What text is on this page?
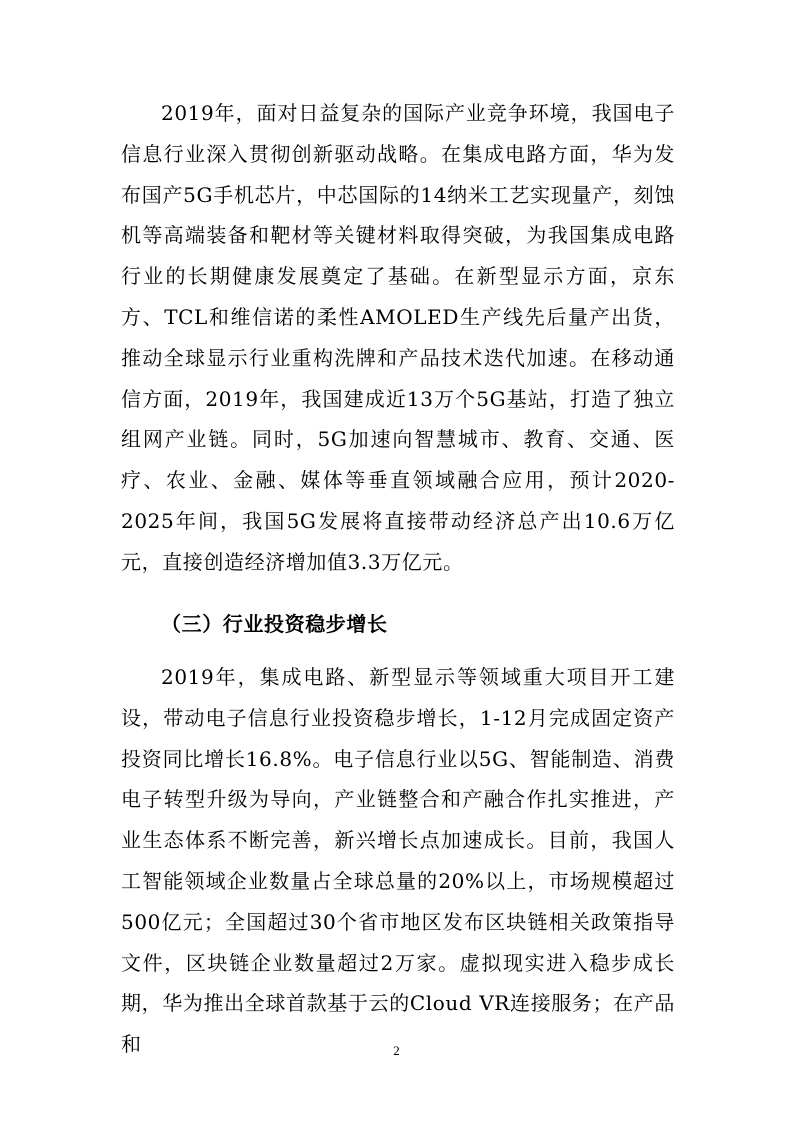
2019年，面对日益复杂的国际产业竞争环境，我国电子信息行业深入贯彻创新驱动战略。在集成电路方面，华为发布国产5G手机芯片，中芯国际的14纳米工艺实现量产，刻蚀机等高端装备和靶材等关键材料取得突破，为我国集成电路行业的长期健康发展奠定了基础。在新型显示方面，京东方、TCL和维信诺的柔性AMOLED生产线先后量产出货，推动全球显示行业重构洗牌和产品技术迭代加速。在移动通信方面，2019年，我国建成近13万个5G基站，打造了独立组网产业链。同时，5G加速向智慧城市、教育、交通、医疗、农业、金融、媒体等垂直领域融合应用，预计2020-2025年间，我国5G发展将直接带动经济总产出10.6万亿元，直接创造经济增加值3.3万亿元。

（三）行业投资稳步增长

2019年，集成电路、新型显示等领域重大项目开工建设，带动电子信息行业投资稳步增长，1-12月完成固定资产投资同比增长16.8%。电子信息行业以5G、智能制造、消费电子转型升级为导向，产业链整合和产融合作扎实推进，产业生态体系不断完善，新兴增长点加速成长。目前，我国人工智能领域企业数量占全球总量的20%以上，市场规模超过500亿元；全国超过30个省市地区发布区块链相关政策指导文件，区块链企业数量超过2万家。虚拟现实进入稳步成长期，华为推出全球首款基于云的Cloud VR连接服务；在产品和	2
